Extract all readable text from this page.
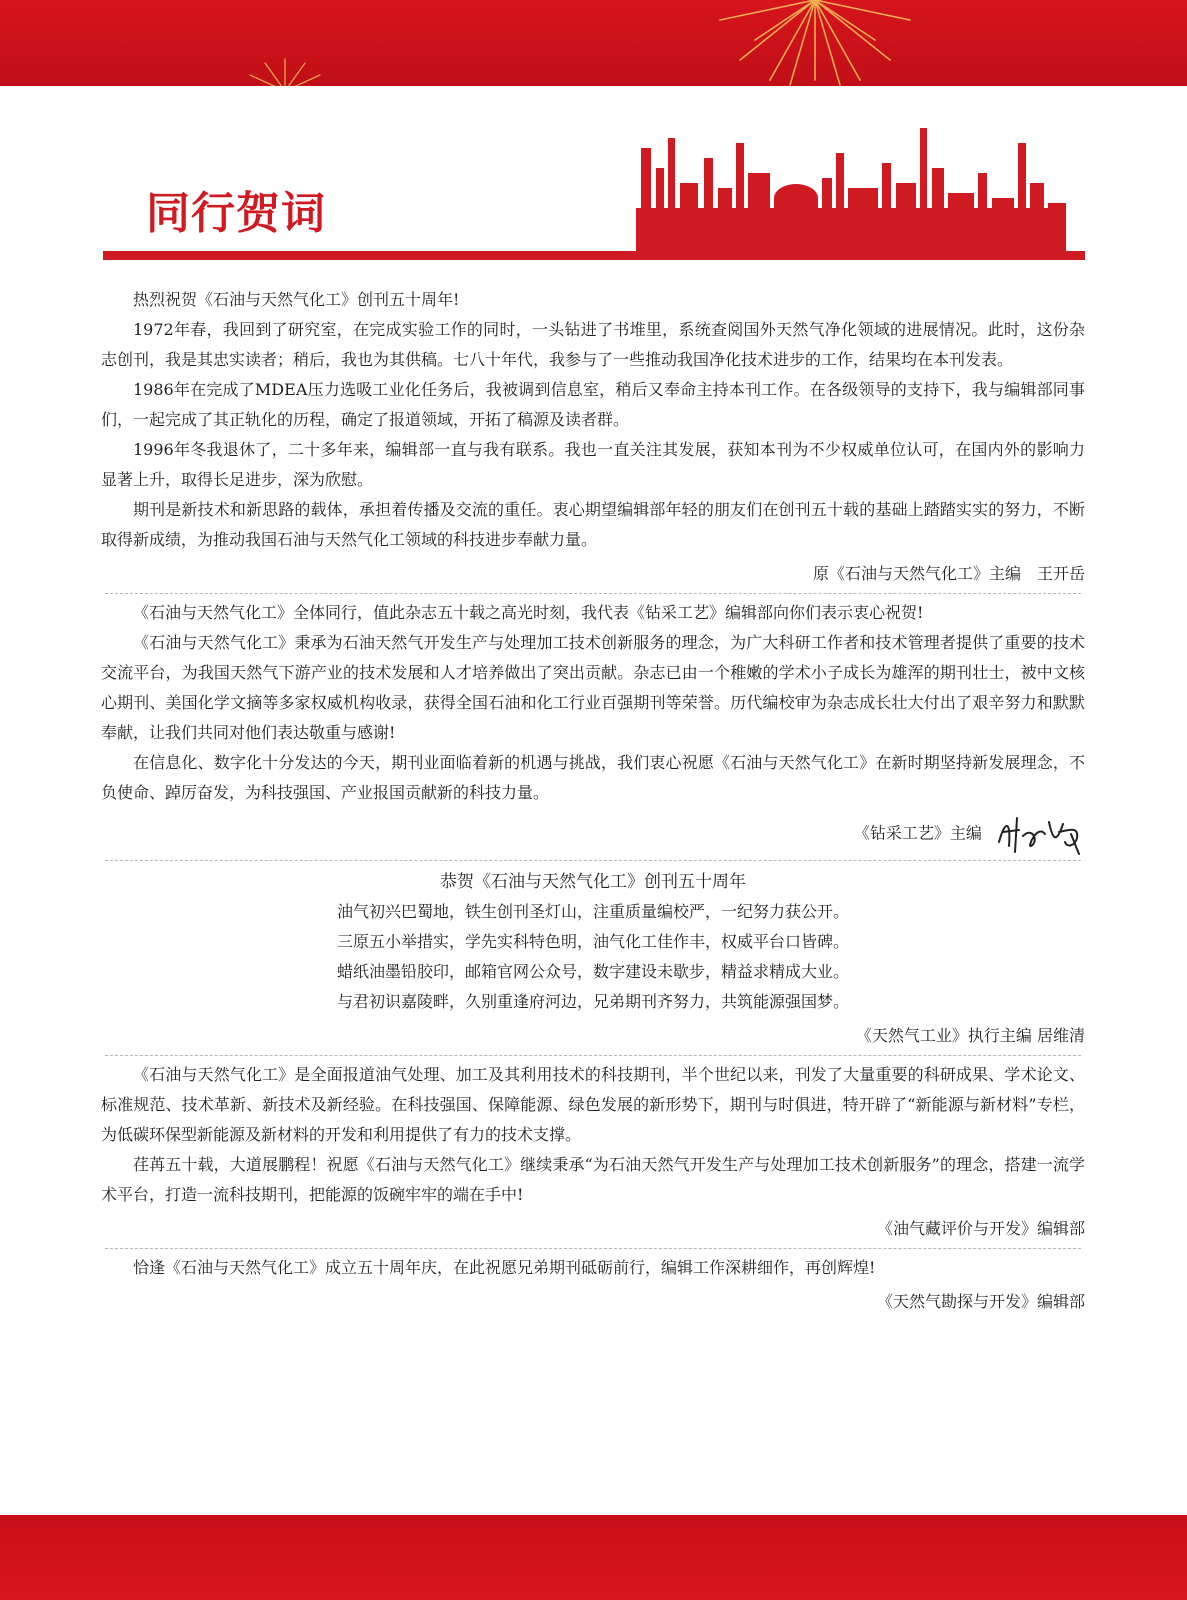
同行贺词

热烈祝贺《石油与天然气化工》创刊五十周年!

1972年春，我回到了研究室，在完成实验工作的同时，一头钻进了书堆里，系统查阅国外天然气净化领域的进展情况。此时，这份杂志创刊，我是其忠实读者；稍后，我也为其供稿。七八十年代，我参与了一些推动我国净化技术进步的工作，结果均在本刊发表。

1986年在完成了MDEA压力选吸工业化任务后，我被调到信息室，稍后又奉命主持本刊工作。在各级领导的支持下，我与编辑部同事们，一起完成了其正轨化的历程，确定了报道领域，开拓了稿源及读者群。

1996年冬我退休了，二十多年来，编辑部一直与我有联系。我也一直关注其发展，获知本刊为不少权威单位认可，在国内外的影响力显著上升，取得长足进步，深为欣慰。

期刊是新技术和新思路的载体，承担着传播及交流的重任。衷心期望编辑部年轻的朋友们在创刊五十载的基础上踏踏实实的努力，不断取得新成绩，为推动我国石油与天然气化工领域的科技进步奉献力量。

原《石油与天然气化工》主编　王开岳

《石油与天然气化工》全体同行，值此杂志五十载之高光时刻，我代表《钻采工艺》编辑部向你们表示衷心祝贺!

《石油与天然气化工》秉承为石油天然气开发生产与处理加工技术创新服务的理念，为广大科研工作者和技术管理者提供了重要的技术交流平台，为我国天然气下游产业的技术发展和人才培养做出了突出贡献。杂志已由一个稚嫩的学术小子成长为雄浑的期刊壮士，被中文核心期刊、美国化学文摘等多家权威机构收录，获得全国石油和化工行业百强期刊等荣誉。历代编校审为杂志成长壮大付出了艰辛努力和默默奉献，让我们共同对他们表达敬重与感谢!

在信息化、数字化十分发达的今天，期刊业面临着新的机遇与挑战，我们衷心祝愿《石油与天然气化工》在新时期坚持新发展理念，不负使命、踔厉奋发，为科技强国、产业报国贡献新的科技力量。

《钻采工艺》主编
恭贺《石油与天然气化工》创刊五十周年
油气初兴巴蜀地，铁生创刊圣灯山，注重质量编校严，一纪努力获公开。
三原五小举措实，学先实科特色明，油气化工佳作丰，权威平台口皆碑。
蜡纸油墨铅胶印，邮箱官网公众号，数字建设未歇步，精益求精成大业。
与君初识嘉陵畔，久别重逢府河边，兄弟期刊齐努力，共筑能源强国梦。
《天然气工业》执行主编 居维清

《石油与天然气化工》是全面报道油气处理、加工及其利用技术的科技期刊，半个世纪以来，刊发了大量重要的科研成果、学术论文、标准规范、技术革新、新技术及新经验。在科技强国、保障能源、绿色发展的新形势下，期刊与时俱进，特开辟了“新能源与新材料”专栏，为低碳环保型新能源及新材料的开发和利用提供了有力的技术支撑。

荏苒五十载，大道展鹏程！祝愿《石油与天然气化工》继续秉承“为石油天然气开发生产与处理加工技术创新服务”的理念，搭建一流学术平台，打造一流科技期刊，把能源的饭碗牢牢的端在手中!

《油气藏评价与开发》编辑部

恰逢《石油与天然气化工》成立五十周年庆，在此祝愿兄弟期刊砥砺前行，编辑工作深耕细作，再创辉煌!

《天然气勘探与开发》编辑部
